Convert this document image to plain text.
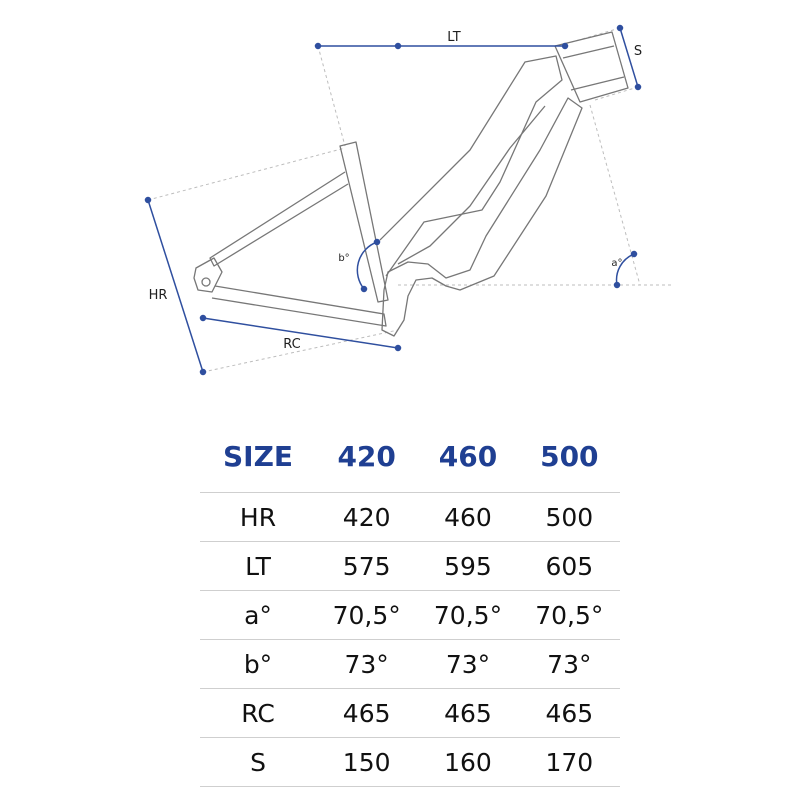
LT
S
HR
RC
b°	a°
SIZE	420	460	500
HR	420	460	500
LT	575	595	605
a°	70,5°	70,5°	70,5°
b°	73°	73°	73°
RC	465	465	465
S	150	160	170
